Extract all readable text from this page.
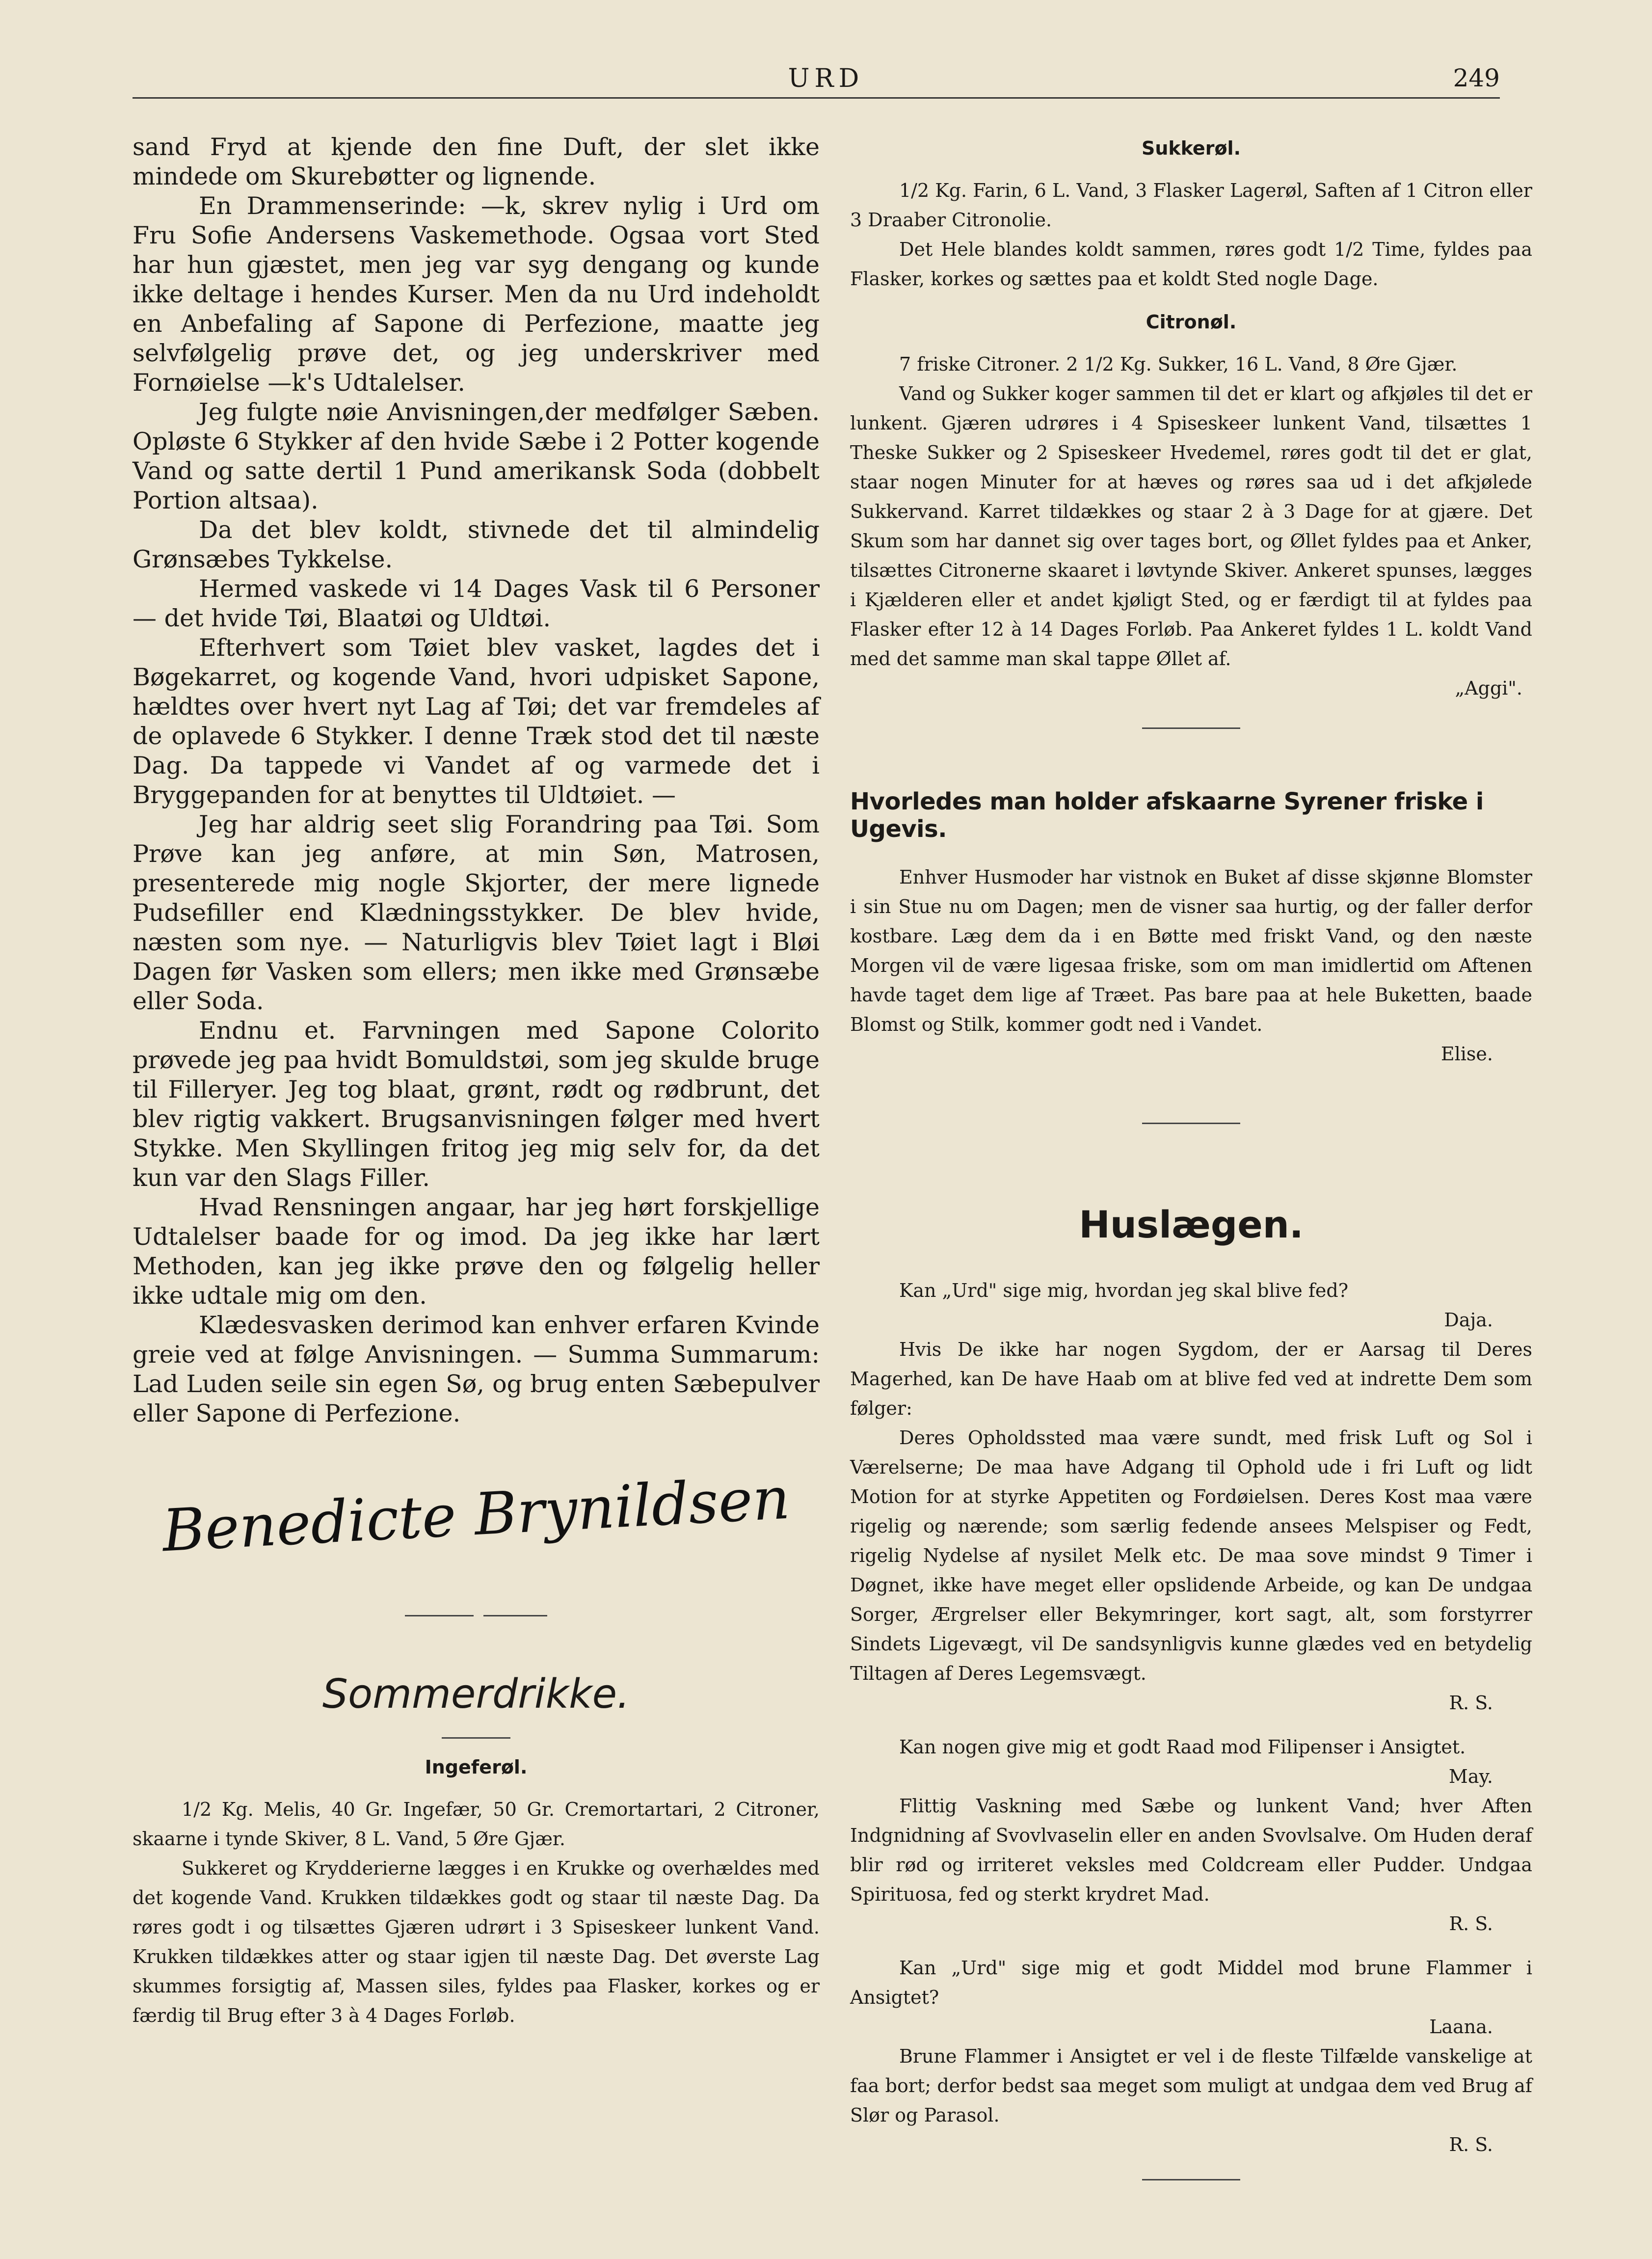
URD	249

sand Fryd at kjende den fine Duft, der slet ikke mindede om Skurebøtter og lignende.

En Drammenserinde: —k, skrev nylig i Urd om Fru Sofie Andersens Vaskemethode. Ogsaa vort Sted har hun gjæstet, men jeg var syg dengang og kunde ikke deltage i hendes Kurser. Men da nu Urd indeholdt en Anbefaling af Sapone di Perfezione, maatte jeg selvfølgelig prøve det, og jeg underskriver med Fornøielse —k's Udtalelser.

Jeg fulgte nøie Anvisningen,der medfølger Sæben. Opløste 6 Stykker af den hvide Sæbe i 2 Potter kogende Vand og satte dertil 1 Pund amerikansk Soda (dobbelt Portion altsaa).

Da det blev koldt, stivnede det til almindelig Grønsæbes Tykkelse.

Hermed vaskede vi 14 Dages Vask til 6 Personer — det hvide Tøi, Blaatøi og Uldtøi.

Efterhvert som Tøiet blev vasket, lagdes det i Bøgekarret, og kogende Vand, hvori udpisket Sapone, hældtes over hvert nyt Lag af Tøi; det var fremdeles af de oplavede 6 Stykker. I denne Træk stod det til næste Dag. Da tappede vi Vandet af og varmede det i Bryggepanden for at benyttes til Uldtøiet. —

Jeg har aldrig seet slig Forandring paa Tøi. Som Prøve kan jeg anføre, at min Søn, Matrosen, presenterede mig nogle Skjorter, der mere lignede Pudsefiller end Klædningsstykker. De blev hvide, næsten som nye. — Naturligvis blev Tøiet lagt i Bløi Dagen før Vasken som ellers; men ikke med Grønsæbe eller Soda.

Endnu et. Farvningen med Sapone Colorito prøvede jeg paa hvidt Bomuldstøi, som jeg skulde bruge til Filleryer. Jeg tog blaat, grønt, rødt og rødbrunt, det blev rigtig vakkert. Brugsanvisningen følger med hvert Stykke. Men Skyllingen fritog jeg mig selv for, da det kun var den Slags Filler.

Hvad Rensningen angaar, har jeg hørt forskjellige Udtalelser baade for og imod. Da jeg ikke har lært Methoden, kan jeg ikke prøve den og følgelig heller ikke udtale mig om den.

Klædesvasken derimod kan enhver erfaren Kvinde greie ved at følge Anvisningen. — Summa Summarum: Lad Luden seile sin egen Sø, og brug enten Sæbepulver eller Sapone di Perfezione.

Benedicte Brynildsen
Sommerdrikke.
Ingeferøl.

1/2 Kg. Melis, 40 Gr. Ingefær, 50 Gr. Cremortartari, 2 Citroner, skaarne i tynde Skiver, 8 L. Vand, 5 Øre Gjær.

Sukkeret og Krydderierne lægges i en Krukke og overhældes med det kogende Vand. Krukken tildækkes godt og staar til næste Dag. Da røres godt i og tilsættes Gjæren udrørt i 3 Spiseskeer lunkent Vand. Krukken tildækkes atter og staar igjen til næste Dag. Det øverste Lag skummes forsigtig af, Massen siles, fyldes paa Flasker, korkes og er færdig til Brug efter 3 à 4 Dages Forløb.

Sukkerøl.

1/2 Kg. Farin, 6 L. Vand, 3 Flasker Lagerøl, Saften af 1 Citron eller 3 Draaber Citronolie.

Det Hele blandes koldt sammen, røres godt 1/2 Time, fyldes paa Flasker, korkes og sættes paa et koldt Sted nogle Dage.

Citronøl.

7 friske Citroner. 2 1/2 Kg. Sukker, 16 L. Vand, 8 Øre Gjær.

Vand og Sukker koger sammen til det er klart og afkjøles til det er lunkent. Gjæren udrøres i 4 Spiseskeer lunkent Vand, tilsættes 1 Theske Sukker og 2 Spiseskeer Hvedemel, røres godt til det er glat, staar nogen Minuter for at hæves og røres saa ud i det afkjølede Sukkervand. Karret tildækkes og staar 2 à 3 Dage for at gjære. Det Skum som har dannet sig over tages bort, og Øllet fyldes paa et Anker, tilsættes Citronerne skaaret i løvtynde Skiver. Ankeret spunses, lægges i Kjælderen eller et andet kjøligt Sted, og er færdigt til at fyldes paa Flasker efter 12 à 14 Dages Forløb. Paa Ankeret fyldes 1 L. koldt Vand med det samme man skal tappe Øllet af.

„Aggi".
Hvorledes man holder afskaarne Syrener friske i Ugevis.

Enhver Husmoder har vistnok en Buket af disse skjønne Blomster i sin Stue nu om Dagen; men de visner saa hurtig, og der faller derfor kostbare. Læg dem da i en Bøtte med friskt Vand, og den næste Morgen vil de være ligesaa friske, som om man imidlertid om Aftenen havde taget dem lige af Træet. Pas bare paa at hele Buketten, baade Blomst og Stilk, kommer godt ned i Vandet.

Elise.
Huslægen.

Kan „Urd" sige mig, hvordan jeg skal blive fed?

Daja.

Hvis De ikke har nogen Sygdom, der er Aarsag til Deres Magerhed, kan De have Haab om at blive fed ved at indrette Dem som følger:

Deres Opholdssted maa være sundt, med frisk Luft og Sol i Værelserne; De maa have Adgang til Ophold ude i fri Luft og lidt Motion for at styrke Appetiten og Fordøielsen. Deres Kost maa være rigelig og nærende; som særlig fedende ansees Melspiser og Fedt, rigelig Nydelse af nysilet Melk etc. De maa sove mindst 9 Timer i Døgnet, ikke have meget eller opslidende Arbeide, og kan De undgaa Sorger, Ærgrelser eller Bekymringer, kort sagt, alt, som forstyrrer Sindets Ligevægt, vil De sandsynligvis kunne glædes ved en betydelig Tiltagen af Deres Legemsvægt.

R. S.

Kan nogen give mig et godt Raad mod Filipenser i Ansigtet.

May.

Flittig Vaskning med Sæbe og lunkent Vand; hver Aften Indgnidning af Svovlvaselin eller en anden Svovlsalve. Om Huden deraf blir rød og irriteret veksles med Coldcream eller Pudder. Undgaa Spirituosa, fed og sterkt krydret Mad.

R. S.

Kan „Urd" sige mig et godt Middel mod brune Flammer i Ansigtet?

Laana.

Brune Flammer i Ansigtet er vel i de fleste Tilfælde vanskelige at faa bort; derfor bedst saa meget som muligt at undgaa dem ved Brug af Slør og Parasol.

R. S.
